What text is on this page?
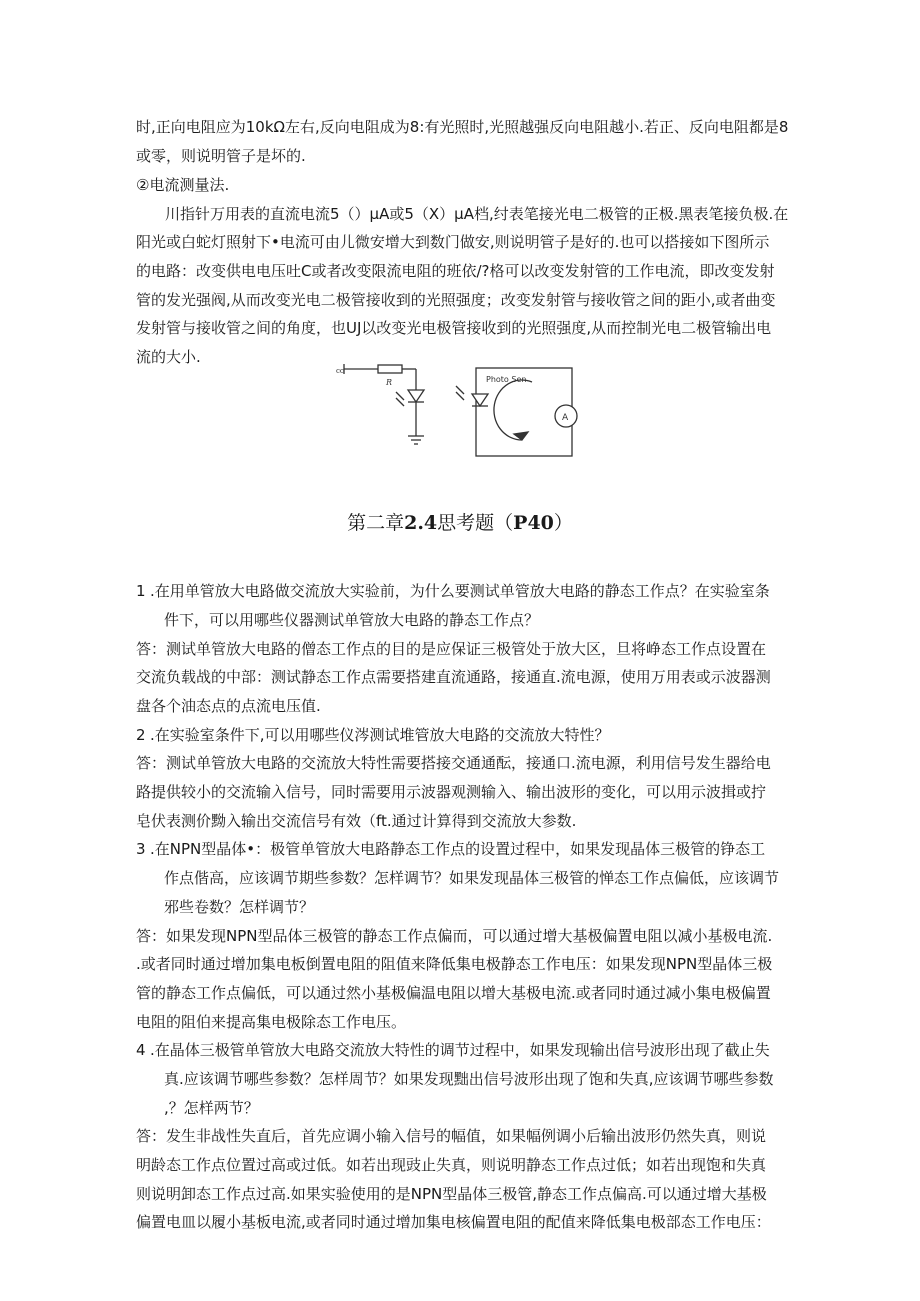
时,正向电阻应为10kΩ左右,反向电阻成为8:有光照时,光照越强反向电阻越小.若正、反向电阻都是8
或零，则说明管子是坏的.
②电流测量法.
川指针万用表的直流电流5（）μA或5（X）μA档,纣表笔接光电二极管的正极.黑表笔接负极.在
阳光或白蛇灯照射下•电流可由儿微安增大到数门做安,则说明管子是好的.也可以搭接如下图所示
的电路：改变供电电压吐C或者改变限流电阻的班依/?格可以改变发射管的工作电流，即改变发射
管的发光强阀,从而改变光电二极管接收到的光照强度；改变发射管与接收管之间的距小,或者曲变
发射管与接收管之间的角度，也UJ以改变光电极管接收到的光照强度,从而控制光电二极管输出电
流的大小.
cc
R	Photo Sen
A
第二章2.4思考题（P40）
1 .在用单管放大电路做交流放大实验前，为什么要测试单管放大电路的静态工作点？在实验室条
件下，可以用哪些仪器测试单管放大电路的静态工作点？
答：测试单管放大电路的僧态工作点的目的是应保证三极管处于放大区，旦将峥态工作点设置在
交流负载战的中部：测试静态工作点需要搭建直流通路，接通直.流电源，使用万用表或示波器测
盘各个油态点的点流电压值.
2 .在实验室条件下,可以用哪些仪涔测试堆管放大电路的交流放大特性？
答：测试单管放大电路的交流放大特性需要搭接交通通酝，接通口.流电源，利用信号发生器给电
路提供较小的交流输入信号，同时需要用示波器观测输入、输出波形的变化，可以用示波揖或拧
皂伏表测价黝入输出交流信号有效（ft.通过计算得到交流放大参数.
3 .在NPN型晶体•：极管单管放大电路静态工作点的设置过程中，如果发现晶体三极管的铮态工
作点偕高，应该调节期些参数？怎样调节？如果发现晶体三极管的惮态工作点偏低，应该调节
邪些卷数？怎样调节？
答：如果发现NPN型品体三极管的静态工作点偏而，可以通过增大基极偏置电阻以减小基极电流.
.或者同时通过增加集电板倒置电阻的阻值来降低集电极静态工作电压：如果发现NPN型晶体三极
管的静态工作点偏低，可以通过然小基极偏温电阻以增大基极电流.或者同时通过减小集电极偏置
电阻的阻伯来提高集电极除态工作电压。
4 .在晶体三极管单管放大电路交流放大特性的调节过程中，如果发现输出信号波形出现了截止失
真.应该调节哪些参数？怎样周节？如果发现黜出信号波形出现了饱和失真,应该调节哪些参数
,？怎样两节？
答：发生非战性失直后，首先应调小输入信号的幅值，如果幅例调小后输出波形仍然失真，则说
明龄态工作点位置过高或过低。如若出现豉止失真，则说明静态工作点过低；如若出现饱和失真
则说明卸态工作点过高.如果实验使用的是NPN型晶体三极管,静态工作点偏高.可以通过增大基极
偏置电皿以履小基板电流,或者同时通过增加集电核偏置电阻的配值来降低集电极部态工作电压：
